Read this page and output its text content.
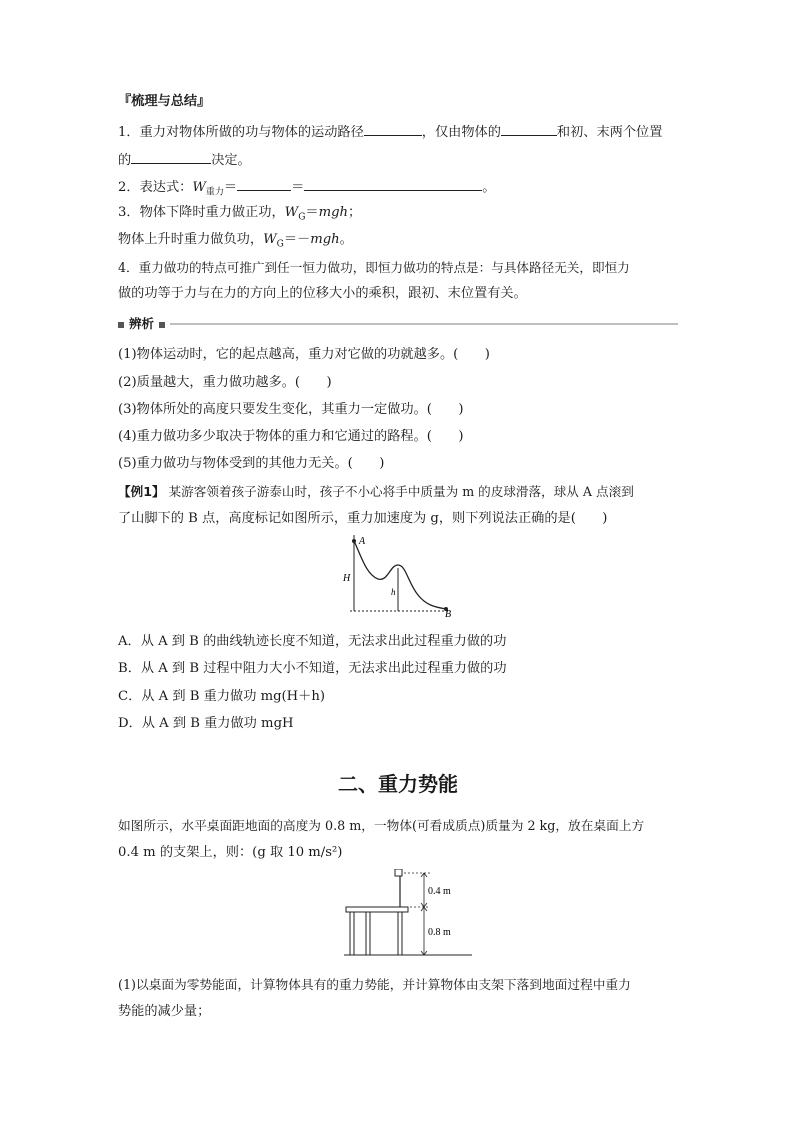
『梳理与总结』
1．重力对物体所做的功与物体的运动路径	，仅由物体的	和初、末两个位置
的	决定。
2．表达式：$W_{重力}=$	＝	。
3．物体下降时重力做正功，$W_G=mgh$；
物体上升时重力做负功，$W_G=-mgh$。
4．重力做功的特点可推广到任一恒力做功，即恒力做功的特点是：与具体路径无关，即恒力
做的功等于力与在力的方向上的位移大小的乘积，跟初、末位置有关。
辨析
(1)物体运动时，它的起点越高，重力对它做的功就越多。(　　)
(2)质量越大，重力做功越多。(　　)
(3)物体所处的高度只要发生变化，其重力一定做功。(　　)
(4)重力做功多少取决于物体的重力和它通过的路程。(　　)
(5)重力做功与物体受到的其他力无关。(　　)
【例1】 某游客领着孩子游泰山时，孩子不小心将手中质量为 m 的皮球滑落，球从 A 点滚到
了山脚下的 B 点，高度标记如图所示，重力加速度为 g，则下列说法正确的是(　　)
A
H
h
B
A．从 A 到 B 的曲线轨迹长度不知道，无法求出此过程重力做的功
B．从 A 到 B 过程中阻力大小不知道，无法求出此过程重力做的功
C．从 A 到 B 重力做功 mg(H＋h)
D．从 A 到 B 重力做功 mgH
二、重力势能
如图所示，水平桌面距地面的高度为 0.8 m，一物体(可看成质点)质量为 2 kg，放在桌面上方
0.4 m 的支架上，则：(g 取 10 m/s²)
0.4 m
0.8 m
(1)以桌面为零势能面，计算物体具有的重力势能，并计算物体由支架下落到地面过程中重力
势能的减少量；
